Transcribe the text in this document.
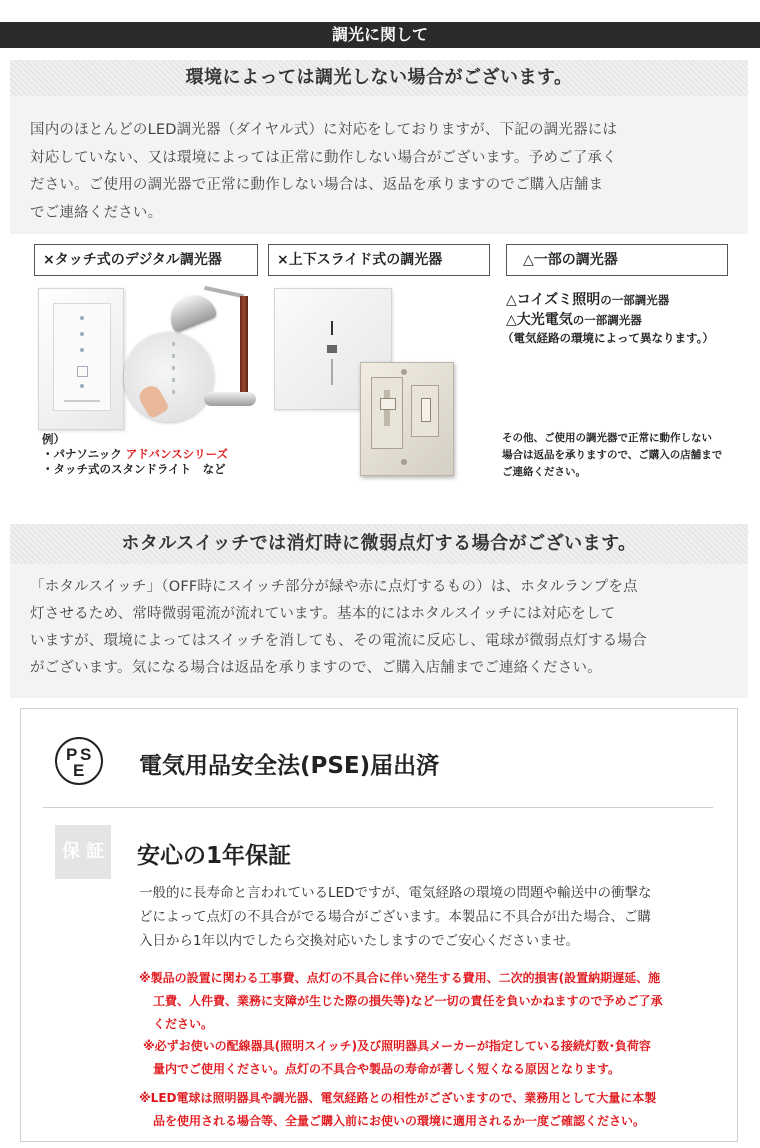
調光に関して
環境によっては調光しない場合がございます。
国内のほとんどのLED調光器（ダイヤル式）に対応をしておりますが、下記の調光器には
対応していない、又は環境によっては正常に動作しない場合がございます。予めご了承く
ださい。ご使用の調光器で正常に動作しない場合は、返品を承りますのでご購入店舗ま
でご連絡ください。
×タッチ式のデジタル調光器	×上下スライド式の調光器	△一部の調光器
△コイズミ照明の一部調光器
△大光電気の一部調光器
（電気経路の環境によって異なります。）
例）
・パナソニック アドバンスシリーズ
・タッチ式のスタンドライト　など
その他、ご使用の調光器で正常に動作しない
場合は返品を承りますので、ご購入の店舗まで
ご連絡ください。
ホタルスイッチでは消灯時に微弱点灯する場合がございます。
「ホタルスイッチ」（OFF時にスイッチ部分が緑や赤に点灯するもの）は、ホタルランプを点
灯させるため、常時微弱電流が流れています。基本的にはホタルスイッチには対応をして
いますが、環境によってはスイッチを消しても、その電流に反応し、電球が微弱点灯する場合
がございます。気になる場合は返品を承りますので、ご購入店舗までご連絡ください。
P S
E 電気用品安全法(PSE)届出済
保 証 安心の1年保証
一般的に長寿命と言われているLEDですが、電気経路の環境の問題や輸送中の衝撃な
どによって点灯の不具合がでる場合がございます。本製品に不具合が出た場合、ご購
入日から1年以内でしたら交換対応いたしますのでご安心くださいませ。
※製品の設置に関わる工事費、点灯の不具合に伴い発生する費用、二次的損害(設置納期遅延、施
工費、人件費、業務に支障が生じた際の損失等)など一切の責任を負いかねますので予めご了承
ください。
※必ずお使いの配線器具(照明スイッチ)及び照明器具メーカーが指定している接続灯数･負荷容
量内でご使用ください。点灯の不具合や製品の寿命が著しく短くなる原因となります。
※LED電球は照明器具や調光器、電気経路との相性がございますので、業務用として大量に本製
品を使用される場合等、全量ご購入前にお使いの環境に適用されるか一度ご確認ください。
